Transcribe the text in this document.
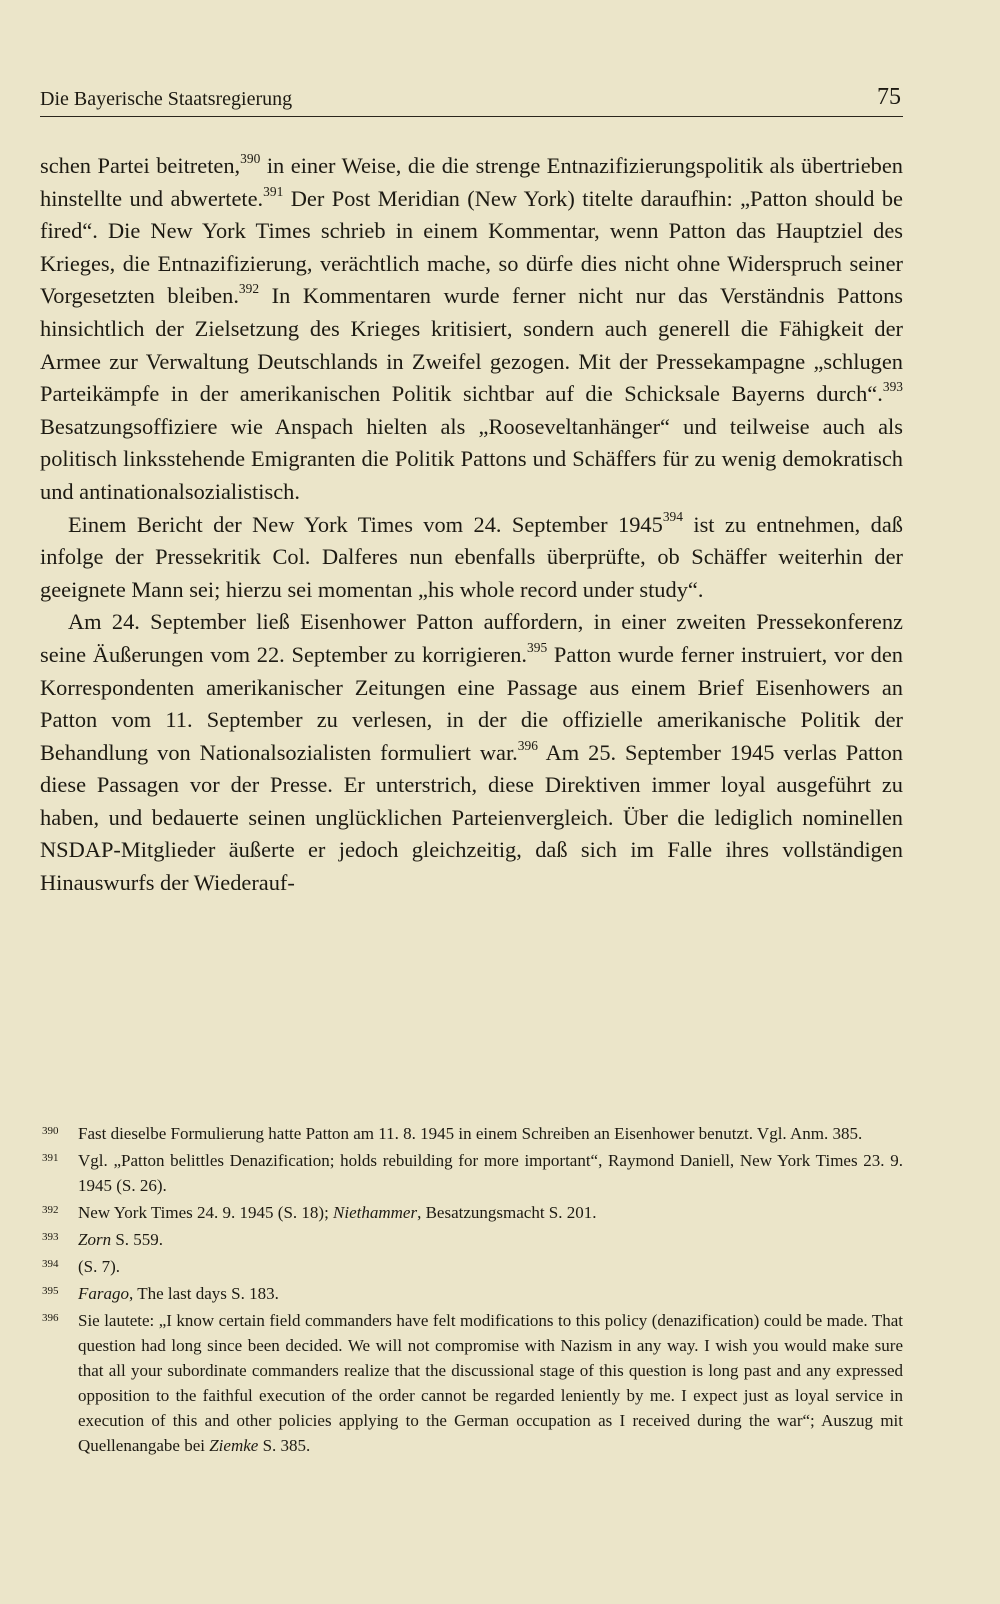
Die Bayerische Staatsregierung	75

schen Partei beitreten,$^{390}$ in einer Weise, die die strenge Entnazifizierungspolitik als übertrieben hinstellte und abwertete.$^{391}$ Der Post Meridian (New York) titelte daraufhin: „Patton should be fired“. Die New York Times schrieb in einem Kommentar, wenn Patton das Hauptziel des Krieges, die Entnazifizierung, verächtlich mache, so dürfe dies nicht ohne Widerspruch seiner Vorgesetzten bleiben.$^{392}$ In Kommentaren wurde ferner nicht nur das Verständnis Pattons hinsichtlich der Zielsetzung des Krieges kritisiert, sondern auch generell die Fähigkeit der Armee zur Verwaltung Deutschlands in Zweifel gezogen. Mit der Pressekampagne „schlugen Parteikämpfe in der amerikanischen Politik sichtbar auf die Schicksale Bayerns durch“.$^{393}$ Besatzungsoffiziere wie Anspach hielten als „Rooseveltanhänger“ und teilweise auch als politisch linksstehende Emigranten die Politik Pattons und Schäffers für zu wenig demokratisch und antinationalsozialistisch.

Einem Bericht der New York Times vom 24. September 1945$^{394}$ ist zu entnehmen, daß infolge der Pressekritik Col. Dalferes nun ebenfalls überprüfte, ob Schäffer weiterhin der geeignete Mann sei; hierzu sei momentan „his whole record under study“.

Am 24. September ließ Eisenhower Patton auffordern, in einer zweiten Pressekonferenz seine Äußerungen vom 22. September zu korrigieren.$^{395}$ Patton wurde ferner instruiert, vor den Korrespondenten amerikanischer Zeitungen eine Passage aus einem Brief Eisenhowers an Patton vom 11. September zu verlesen, in der die offizielle amerikanische Politik der Behandlung von Nationalsozialisten formuliert war.$^{396}$ Am 25. September 1945 verlas Patton diese Passagen vor der Presse. Er unterstrich, diese Direktiven immer loyal ausgeführt zu haben, und bedauerte seinen unglücklichen Parteienvergleich. Über die lediglich nominellen NSDAP-Mitglieder äußerte er jedoch gleichzeitig, daß sich im Falle ihres vollständigen Hinauswurfs der Wiederauf-

390 Fast dieselbe Formulierung hatte Patton am 11. 8. 1945 in einem Schreiben an Eisenhower benutzt. Vgl. Anm. 385.
391 Vgl. „Patton belittles Denazification; holds rebuilding for more important“, Raymond Daniell, New York Times 23. 9. 1945 (S. 26).
392 New York Times 24. 9. 1945 (S. 18); Niethammer, Besatzungsmacht S. 201.
393 Zorn S. 559.
394 (S. 7).
395 Farago, The last days S. 183.
396 Sie lautete: „I know certain field commanders have felt modifications to this policy (denazification) could be made. That question had long since been decided. We will not compromise with Nazism in any way. I wish you would make sure that all your subordinate commanders realize that the discussional stage of this question is long past and any expressed opposition to the faithful execution of the order cannot be regarded leniently by me. I expect just as loyal service in execution of this and other policies applying to the German occupation as I received during the war“; Auszug mit Quellenangabe bei Ziemke S. 385.
